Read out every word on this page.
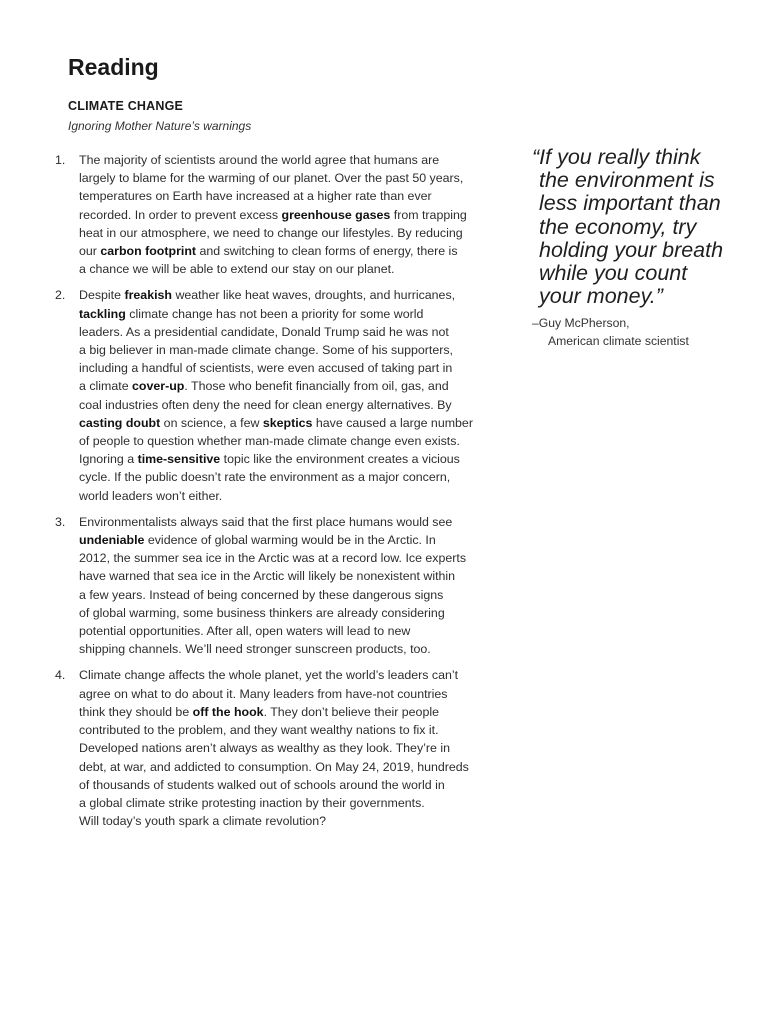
Reading
CLIMATE CHANGE

Ignoring Mother Nature’s warnings

1. The majority of scientists around the world agree that humans are
largely to blame for the warming of our planet. Over the past 50 years,
temperatures on Earth have increased at a higher rate than ever
recorded. In order to prevent excess greenhouse gases from trapping
heat in our atmosphere, we need to change our lifestyles. By reducing
our carbon footprint and switching to clean forms of energy, there is
a chance we will be able to extend our stay on our planet.
2. Despite freakish weather like heat waves, droughts, and hurricanes,
tackling climate change has not been a priority for some world
leaders. As a presidential candidate, Donald Trump said he was not
a big believer in man-made climate change. Some of his supporters,
including a handful of scientists, were even accused of taking part in
a climate cover-up. Those who benefit financially from oil, gas, and
coal industries often deny the need for clean energy alternatives. By
casting doubt on science, a few skeptics have caused a large number
of people to question whether man-made climate change even exists.
Ignoring a time-sensitive topic like the environment creates a vicious
cycle. If the public doesn’t rate the environment as a major concern,
world leaders won’t either.
3. Environmentalists always said that the first place humans would see
undeniable evidence of global warming would be in the Arctic. In
2012, the summer sea ice in the Arctic was at a record low. Ice experts
have warned that sea ice in the Arctic will likely be nonexistent within
a few years. Instead of being concerned by these dangerous signs
of global warming, some business thinkers are already considering
potential opportunities. After all, open waters will lead to new
shipping channels. We’ll need stronger sunscreen products, too.
4. Climate change affects the whole planet, yet the world’s leaders can’t
agree on what to do about it. Many leaders from have-not countries
think they should be off the hook. They don’t believe their people
contributed to the problem, and they want wealthy nations to fix it.
Developed nations aren’t always as wealthy as they look. They’re in
debt, at war, and addicted to consumption. On May 24, 2019, hundreds
of thousands of students walked out of schools around the world in
a global climate strike protesting inaction by their governments.
Will today’s youth spark a climate revolution?
“If you really think
the environment is
less important than
the economy, try
holding your breath
while you count
your money.”
–Guy McPherson,
American climate scientist
